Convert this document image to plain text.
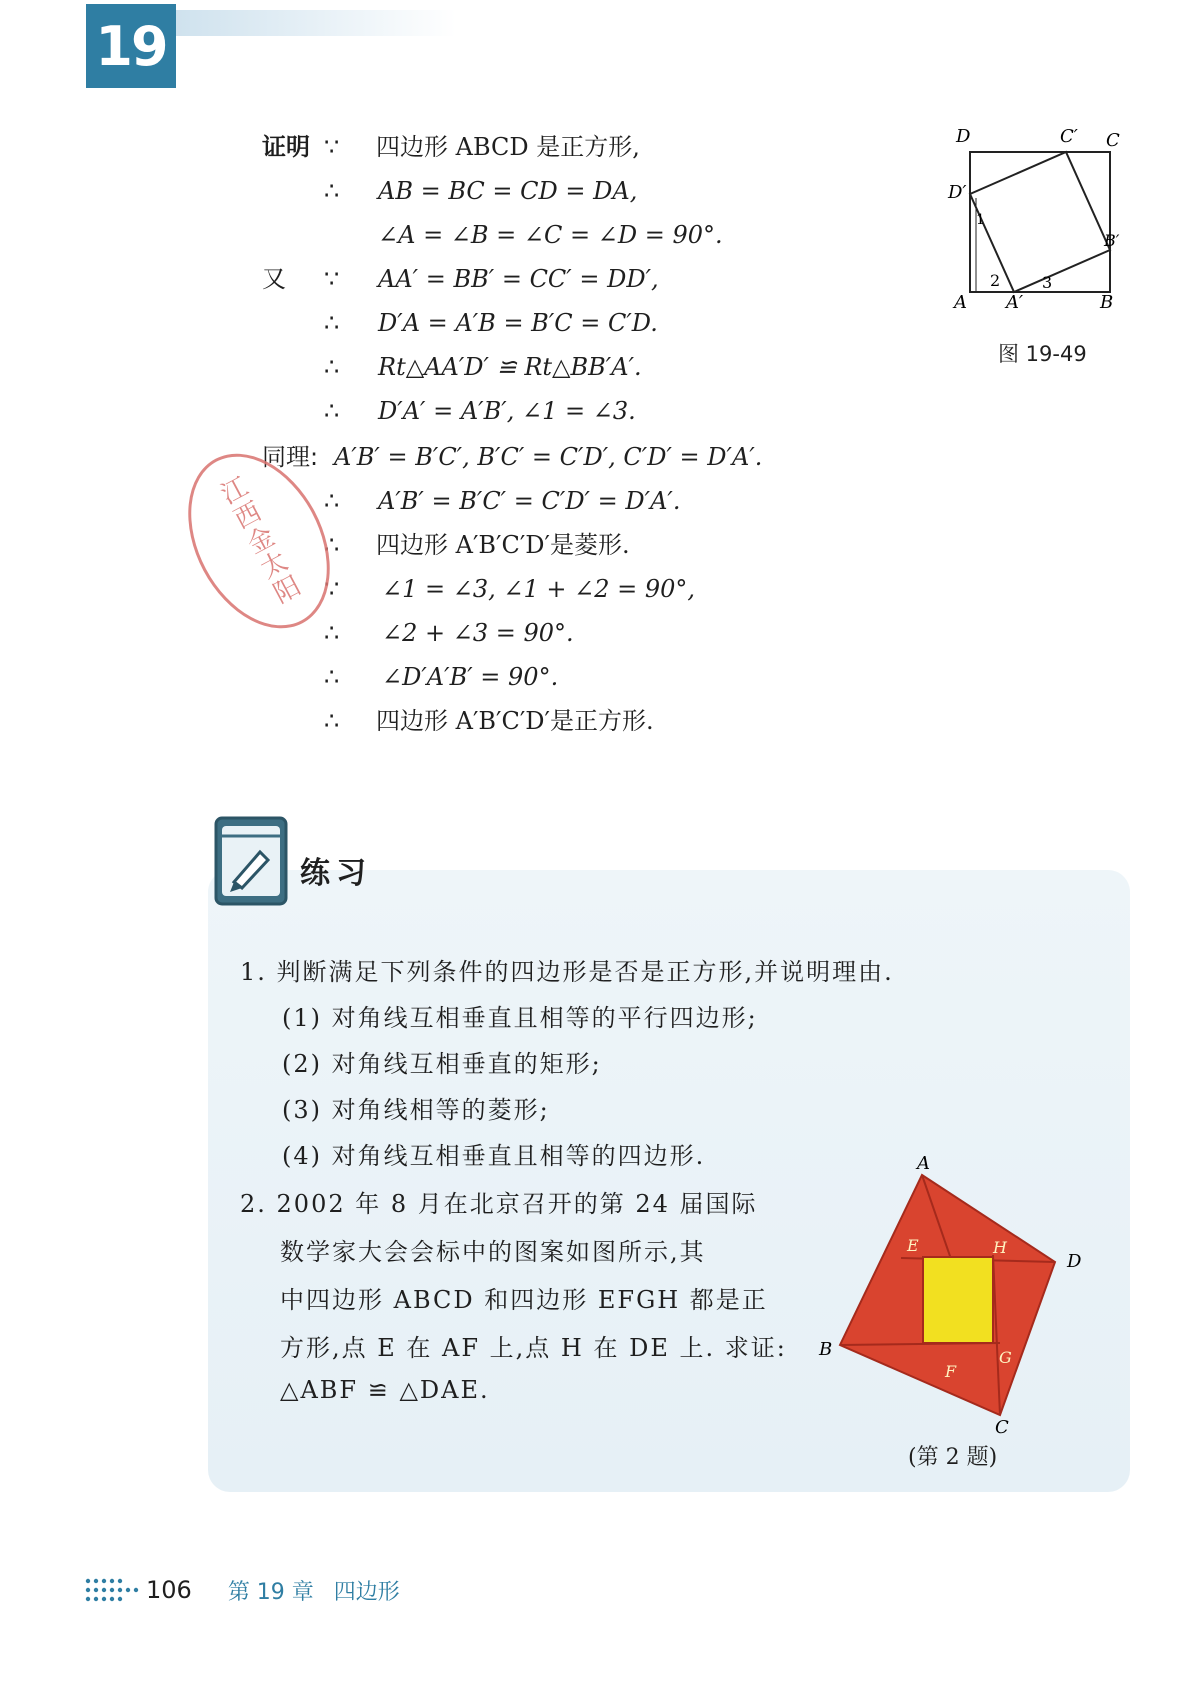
19
证明 ∵ 四边形 ABCD 是正方形,
∴ AB = BC = CD = DA,
∠A = ∠B = ∠C = ∠D = 90°.
又 ∵ AA′ = BB′ = CC′ = DD′,
∴ D′A = A′B = B′C = C′D.
∴ Rt△AA′D′ ≌ Rt△BB′A′.
∴ D′A′ = A′B′, ∠1 = ∠3.
同理: A′B′ = B′C′, B′C′ = C′D′, C′D′ = D′A′.
∴ A′B′ = B′C′ = C′D′ = D′A′.
∴ 四边形 A′B′C′D′是菱形.
∵ ∠1 = ∠3, ∠1 + ∠2 = 90°,
∴ ∠2 + ∠3 = 90°.
∴ ∠D′A′B′ = 90°.
∴ 四边形 A′B′C′D′是正方形.
江西金太阳
D	C′ C
D′
B′
A A′	B
1
2	3
图 19-49
练习
1. 判断满足下列条件的四边形是否是正方形,并说明理由.
(1) 对角线互相垂直且相等的平行四边形;
(2) 对角线互相垂直的矩形;
(3) 对角线相等的菱形;
(4) 对角线互相垂直且相等的四边形.
2. 2002 年 8 月在北京召开的第 24 届国际
数学家大会会标中的图案如图所示,其
中四边形 ABCD 和四边形 EFGH 都是正
方形,点 E 在 AF 上,点 H 在 DE 上. 求证:
△ABF ≌ △DAE.
A
B
C
D
E
F
G
H
(第 2 题)
106 第 19 章 四边形
